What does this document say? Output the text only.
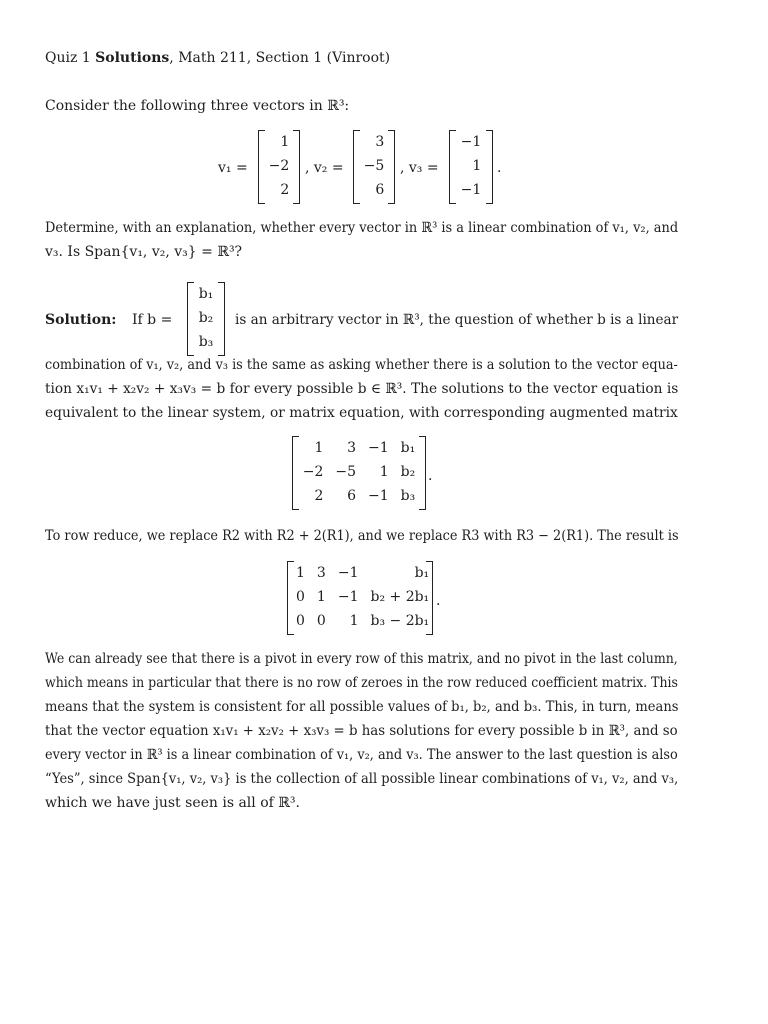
Quiz 1 Solutions, Math 211, Section 1 (Vinroot)
Consider the following three vectors in ℝ³:
v₁ =
1
−2
2
, v₂ =
3
−5
6
, v₃ =
−1
1
−1
.
Determine, with an explanation, whether every vector in ℝ³ is a linear combination of v₁, v₂, and
v₃. Is Span{v₁, v₂, v₃} = ℝ³?
Solution: If b =
b₁
b₂
b₃
is an arbitrary vector in ℝ³, the question of whether b is a linear
combination of v₁, v₂, and v₃ is the same as asking whether there is a solution to the vector equa-
tion x₁v₁ + x₂v₂ + x₃v₃ = b for every possible b ∈ ℝ³. The solutions to the vector equation is
equivalent to the linear system, or matrix equation, with corresponding augmented matrix
1	3	−1	b₁
−2	−5	1	b₂
2	6	−1	b₃
.
To row reduce, we replace R2 with R2 + 2(R1), and we replace R3 with R3 − 2(R1). The result is
1	3	−1	b₁
0	1	−1	b₂ + 2b₁
0	0	1	b₃ − 2b₁
.
We can already see that there is a pivot in every row of this matrix, and no pivot in the last column,
which means in particular that there is no row of zeroes in the row reduced coefficient matrix. This
means that the system is consistent for all possible values of b₁, b₂, and b₃. This, in turn, means
that the vector equation x₁v₁ + x₂v₂ + x₃v₃ = b has solutions for every possible b in ℝ³, and so
every vector in ℝ³ is a linear combination of v₁, v₂, and v₃. The answer to the last question is also
“Yes”, since Span{v₁, v₂, v₃} is the collection of all possible linear combinations of v₁, v₂, and v₃,
which we have just seen is all of ℝ³.
